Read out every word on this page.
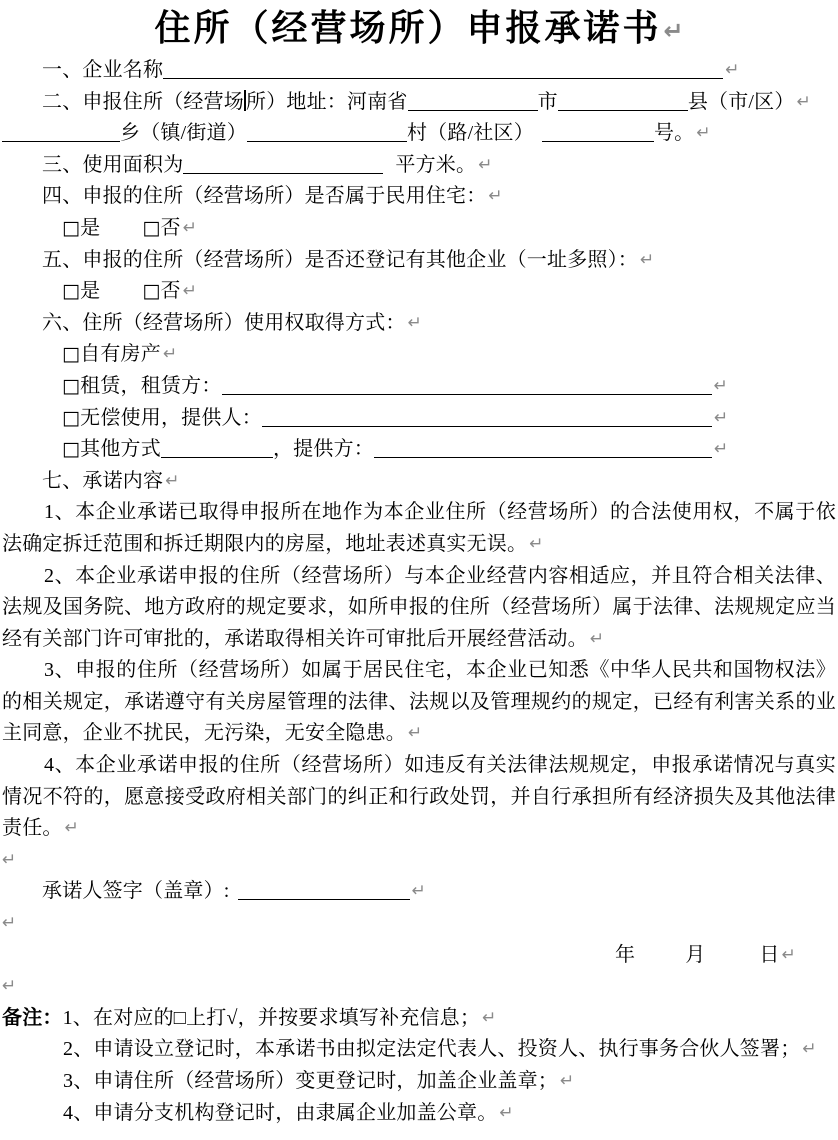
住所（经营场所）申报承诺书↵

一、企业名称	↵

二、申报住所（经营场 所）地址：河南省	市	县（市/区） ↵

乡（镇/街道）	村（路/社区）	号。 ↵

三、使用面积为	平方米。 ↵

四、申报的住所（经营场所）是否属于民用住宅： ↵

□是 □否 ↵

五、申报的住所（经营场所）是否还登记有其他企业（一址多照）： ↵

□是 □否 ↵

六、住所（经营场所）使用权取得方式： ↵

□自有房产 ↵

□租赁，租赁方：	↵

□无偿使用，提供人：	↵

□其他方式	，提供方：	↵

七、承诺内容 ↵

1、本企业承诺已取得申报所在地作为本企业住所（经营场所）的合法使用权，不属于依法确定拆迁范围和拆迁期限内的房屋，地址表述真实无误。 ↵

2、本企业承诺申报的住所（经营场所）与本企业经营内容相适应，并且符合相关法律、法规及国务院、地方政府的规定要求，如所申报的住所（经营场所）属于法律、法规规定应当经有关部门许可审批的，承诺取得相关许可审批后开展经营活动。 ↵

3、申报的住所（经营场所）如属于居民住宅，本企业已知悉《中华人民共和国物权法》的相关规定，承诺遵守有关房屋管理的法律、法规以及管理规约的规定，已经有利害关系的业主同意，企业不扰民，无污染，无安全隐患。 ↵

4、本企业承诺申报的住所（经营场所）如违反有关法律法规规定，申报承诺情况与真实情况不符的，愿意接受政府相关部门的纠正和行政处罚，并自行承担所有经济损失及其他法律责任。 ↵

↵

承诺人签字（盖章）:	↵

↵

年	月	日 ↵

↵

备注：1、在对应的□上打√，并按要求填写补充信息； ↵

2、申请设立登记时，本承诺书由拟定法定代表人、投资人、执行事务合伙人签署； ↵

3、申请住所（经营场所）变更登记时，加盖企业盖章； ↵

4、申请分支机构登记时，由隶属企业加盖公章。 ↵
